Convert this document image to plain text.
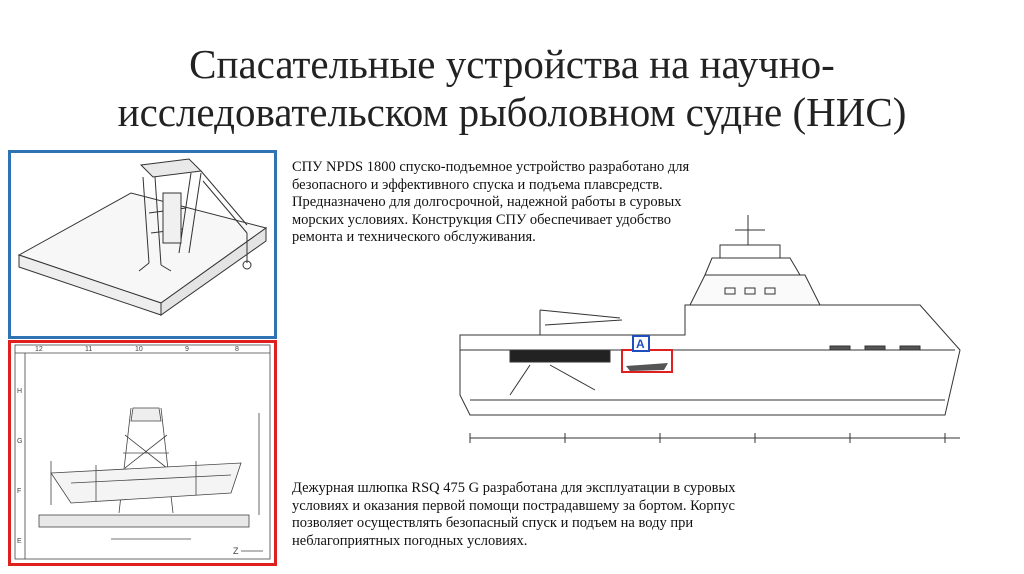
Спасательные устройства на научно-исследовательском рыболовном судне (НИС)
12	11	10	9	8
H
G
F
E
Z

СПУ NPDS 1800 спуско-подъемное устройство разработано для безопасного и эффективного спуска и подъема плавсредств. Предназначено для долгосрочной, надежной работы в суровых морских условиях. Конструкция СПУ обеспечивает удобство ремонта и технического обслуживания.

A

Дежурная шлюпка RSQ 475 G разработана для эксплуатации в суровых условиях и оказания первой помощи пострадавшему за бортом. Корпус позволяет осуществлять безопасный спуск и подъем на воду при неблагоприятных погодных условиях.
